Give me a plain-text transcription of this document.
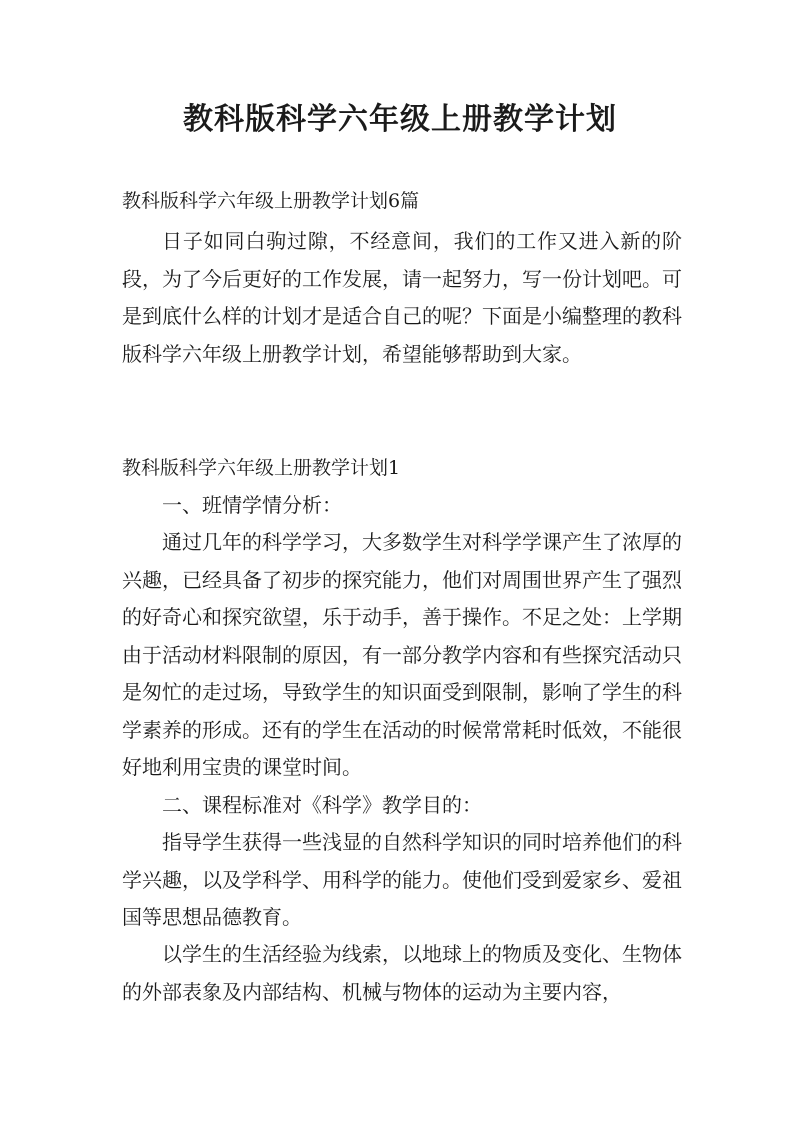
教科版科学六年级上册教学计划

教科版科学六年级上册教学计划6篇

日子如同白驹过隙，不经意间，我们的工作又进入新的阶段，为了今后更好的工作发展，请一起努力，写一份计划吧。可是到底什么样的计划才是适合自己的呢？下面是小编整理的教科版科学六年级上册教学计划，希望能够帮助到大家。

教科版科学六年级上册教学计划1

一、班情学情分析：

通过几年的科学学习，大多数学生对科学学课产生了浓厚的兴趣，已经具备了初步的探究能力，他们对周围世界产生了强烈的好奇心和探究欲望，乐于动手，善于操作。不足之处：上学期由于活动材料限制的原因，有一部分教学内容和有些探究活动只是匆忙的走过场，导致学生的知识面受到限制，影响了学生的科学素养的形成。还有的学生在活动的时候常常耗时低效，不能很好地利用宝贵的课堂时间。

二、课程标准对《科学》教学目的：

指导学生获得一些浅显的自然科学知识的同时培养他们的科学兴趣，以及学科学、用科学的能力。使他们受到爱家乡、爱祖国等思想品德教育。

以学生的生活经验为线索，以地球上的物质及变化、生物体的外部表象及内部结构、机械与物体的运动为主要内容，
